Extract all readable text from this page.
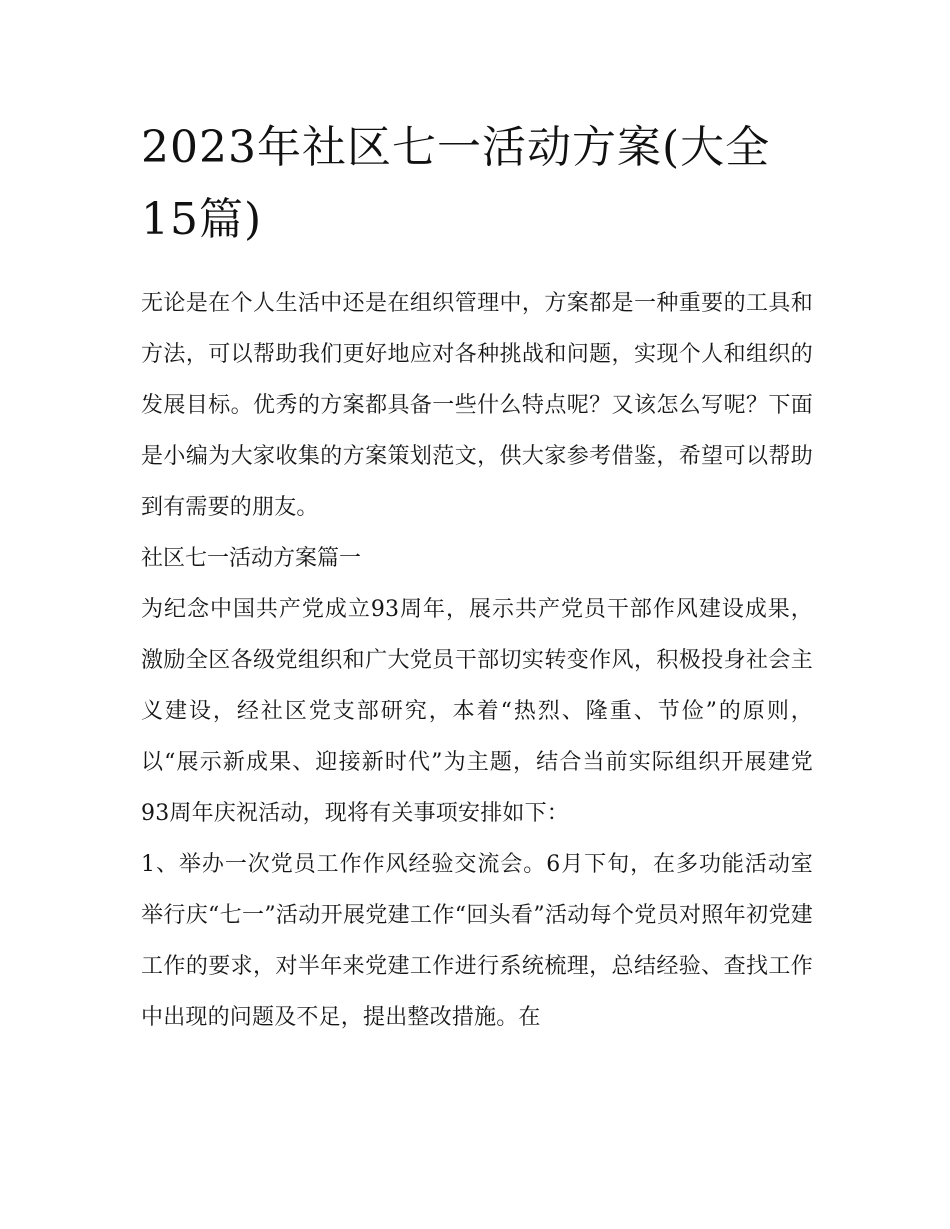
2023年社区七一活动方案(大全15篇)

无论是在个人生活中还是在组织管理中，方案都是一种重要的工具和方法，可以帮助我们更好地应对各种挑战和问题，实现个人和组织的发展目标。优秀的方案都具备一些什么特点呢？又该怎么写呢？下面是小编为大家收集的方案策划范文，供大家参考借鉴，希望可以帮助到有需要的朋友。

社区七一活动方案篇一

为纪念中国共产党成立93周年，展示共产党员干部作风建设成果，激励全区各级党组织和广大党员干部切实转变作风，积极投身社会主义建设，经社区党支部研究，本着“热烈、隆重、节俭”的原则，以“展示新成果、迎接新时代”为主题，结合当前实际组织开展建党93周年庆祝活动，现将有关事项安排如下：

1、举办一次党员工作作风经验交流会。6月下旬，在多功能活动室举行庆“七一”活动开展党建工作“回头看”活动每个党员对照年初党建工作的要求，对半年来党建工作进行系统梳理，总结经验、查找工作中出现的问题及不足，提出整改措施。在
